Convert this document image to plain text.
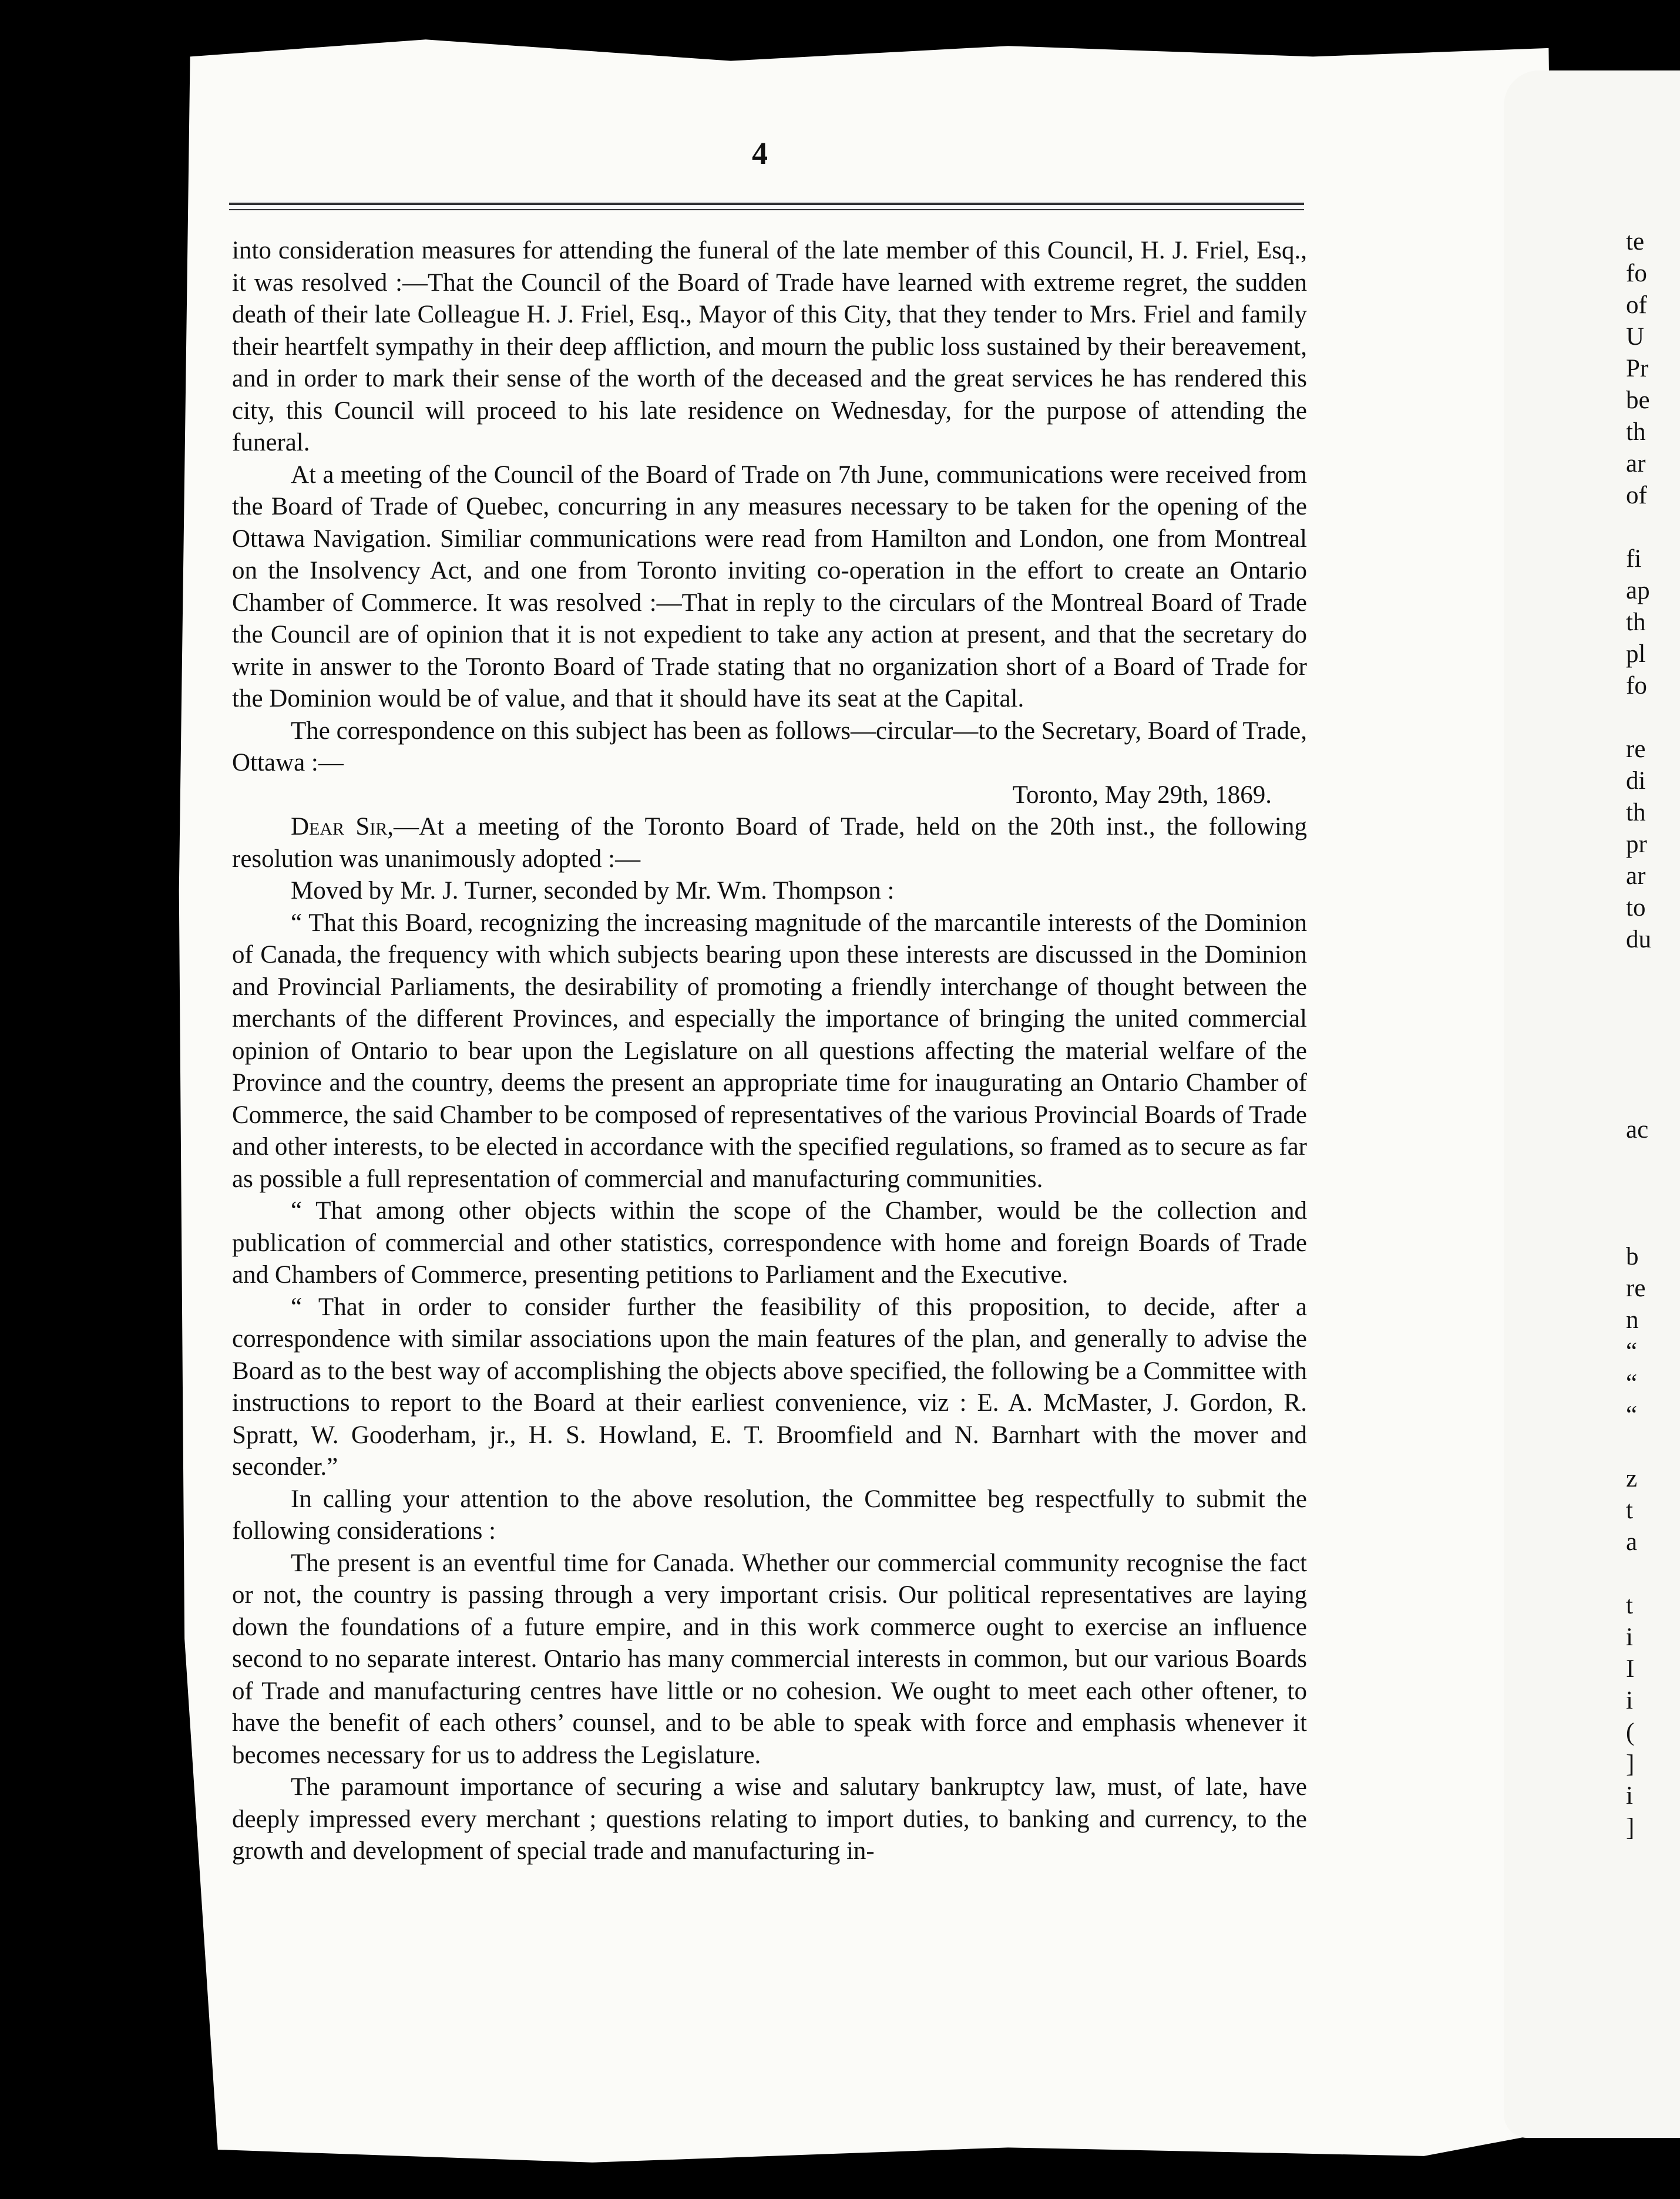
4

into consideration measures for attending the funeral of the late member of this Council, H. J. Friel, Esq., it was resolved :—That the Council of the Board of Trade have learned with extreme regret, the sudden death of their late Colleague H. J. Friel, Esq., Mayor of this City, that they tender to Mrs. Friel and family their heartfelt sympathy in their deep affliction, and mourn the public loss sustained by their bereavement, and in order to mark their sense of the worth of the deceased and the great services he has rendered this city, this Council will proceed to his late residence on Wednesday, for the purpose of attending the funeral.

At a meeting of the Council of the Board of Trade on 7th June, communications were received from the Board of Trade of Quebec, concurring in any measures necessary to be taken for the opening of the Ottawa Navigation. Similiar communications were read from Hamilton and London, one from Montreal on the Insolvency Act, and one from Toronto inviting co-operation in the effort to create an Ontario Chamber of Commerce. It was resolved :—That in reply to the circulars of the Montreal Board of Trade the Council are of opinion that it is not expedient to take any action at present, and that the secretary do write in answer to the Toronto Board of Trade stating that no organization short of a Board of Trade for the Dominion would be of value, and that it should have its seat at the Capital.

The correspondence on this subject has been as follows—circular—to the Secretary, Board of Trade, Ottawa :—

Toronto, May 29th, 1869.

Dear Sir,—At a meeting of the Toronto Board of Trade, held on the 20th inst., the following resolution was unanimously adopted :—

Moved by Mr. J. Turner, seconded by Mr. Wm. Thompson :

“ That this Board, recognizing the increasing magnitude of the marcantile interests of the Dominion of Canada, the frequency with which subjects bearing upon these interests are discussed in the Dominion and Provincial Parliaments, the desirability of promoting a friendly interchange of thought between the merchants of the different Provinces, and especially the importance of bringing the united commercial opinion of Ontario to bear upon the Legislature on all questions affecting the material welfare of the Province and the country, deems the present an appropriate time for inaugurating an Ontario Chamber of Commerce, the said Chamber to be composed of representatives of the various Provincial Boards of Trade and other interests, to be elected in accordance with the specified regulations, so framed as to secure as far as possible a full representation of commercial and manufacturing communities.

“ That among other objects within the scope of the Chamber, would be the collection and publication of commercial and other statistics, correspondence with home and foreign Boards of Trade and Chambers of Commerce, presenting petitions to Parliament and the Executive.

“ That in order to consider further the feasibility of this proposition, to decide, after a correspondence with similar associations upon the main features of the plan, and generally to advise the Board as to the best way of accomplishing the objects above specified, the following be a Committee with instructions to report to the Board at their earliest convenience, viz : E. A. McMaster, J. Gordon, R. Spratt, W. Gooderham, jr., H. S. Howland, E. T. Broomfield and N. Barnhart with the mover and seconder.”

In calling your attention to the above resolution, the Committee beg respectfully to submit the following considerations :

The present is an eventful time for Canada. Whether our commercial community recognise the fact or not, the country is passing through a very important crisis. Our political representatives are laying down the foundations of a future empire, and in this work commerce ought to exercise an influence second to no separate interest. Ontario has many commercial interests in common, but our various Boards of Trade and manufacturing centres have little or no cohesion. We ought to meet each other oftener, to have the benefit of each others’ counsel, and to be able to speak with force and emphasis whenever it becomes necessary for us to address the Legislature.

The paramount importance of securing a wise and salutary bankruptcy law, must, of late, have deeply impressed every merchant ; questions relating to import duties, to banking and currency, to the growth and development of special trade and manufacturing in-

te
fo
of
U
Pr
be
th
ar
of

fi
ap
th
pl
fo

re
di
th
pr
ar
to
du

ac

b
re
n
“
“
“

z
t
a

t
i
I
i
(
]
i
]
